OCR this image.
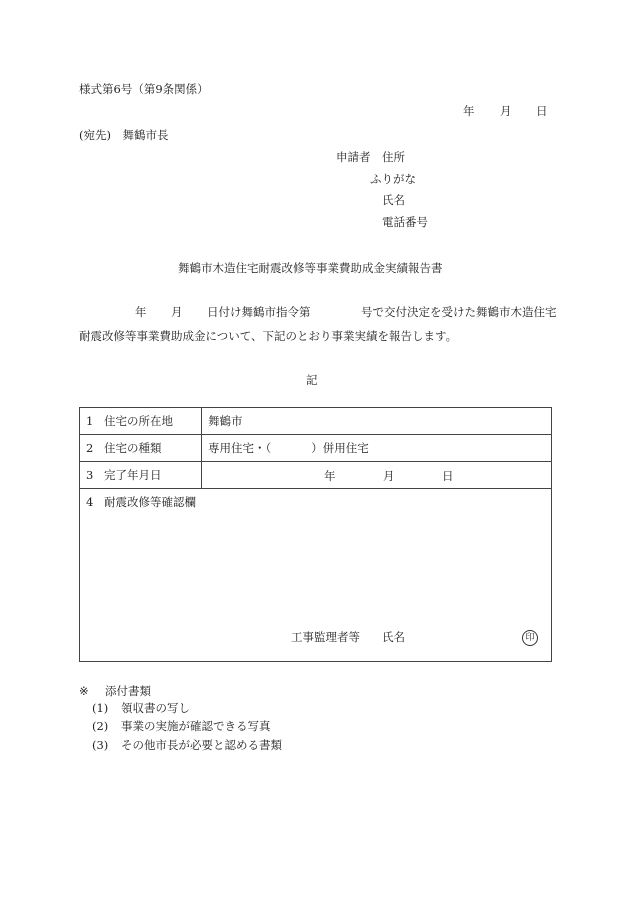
様式第6号（第9条関係）
年 月 日
(宛先)　舞鶴市長
申請者 住所
ふりがな
氏名
電話番号
舞鶴市木造住宅耐震改修等事業費助成金実績報告書
年 月 日付け舞鶴市指令第	号で交付決定を受けた舞鶴市木造住宅
耐震改修等事業費助成金について、下記のとおり事業実績を報告します。
記
1 住宅の所在地	舞鶴市
2 住宅の種類	専用住宅・（ ）併用住宅
3 完了年月日	年 月 日

4 耐震改修等確認欄
工事監理者等 氏名 印	
※ 添付書類
(1) 領収書の写し
(2) 事業の実施が確認できる写真
(3) その他市長が必要と認める書類
